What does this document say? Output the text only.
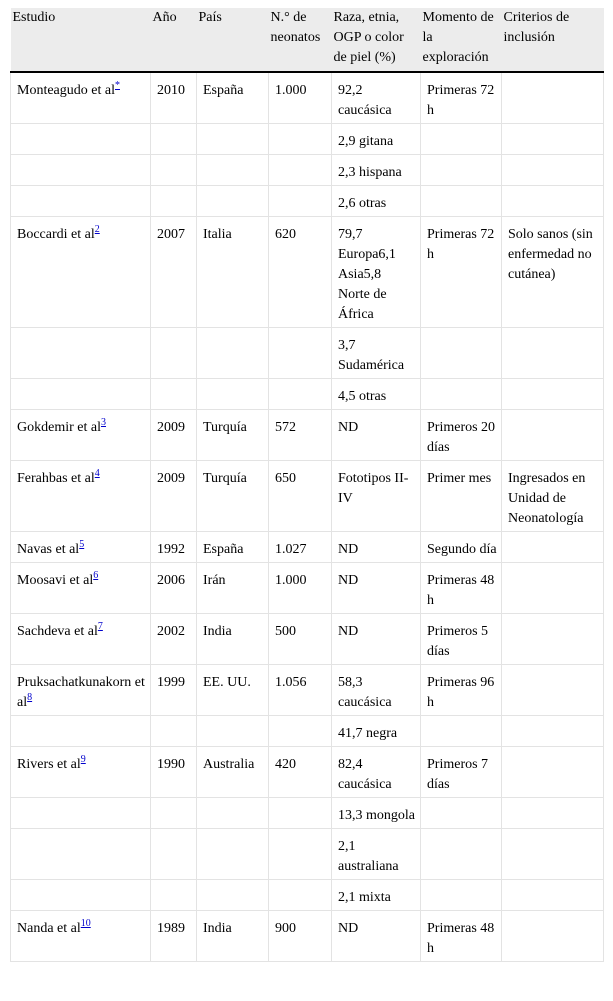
Estudio	Año	País	N.° de neonatos	Raza, etnia, OGP o color de piel (%)	Momento de la exploración	Criterios de inclusión

Monteagudo et al*	2010	España	1.000	92,2 caucásica	Primeras 72 h	

				2,9 gitana		

				2,3 hispana		

				2,6 otras		

Boccardi et al$^2$	2007	Italia	620	79,7 Europa6,1 Asia5,8 Norte de África	Primeras 72 h	Solo sanos (sin enfermedad no cutánea)

				3,7 Sudamérica		

				4,5 otras		

Gokdemir et al$^3$	2009	Turquía	572	ND	Primeros 20 días	

Ferahbas et al$^4$	2009	Turquía	650	Fototipos II-IV	Primer mes	Ingresados en Unidad de Neonatología

Navas et al$^5$	1992	España	1.027	ND	Segundo día	

Moosavi et al$^6$	2006	Irán	1.000	ND	Primeras 48 h	

Sachdeva et al$^7$	2002	India	500	ND	Primeros 5 días	

Pruksachatkunakorn et al$^8$	1999	EE. UU.	1.056	58,3 caucásica	Primeras 96 h	

				41,7 negra		

Rivers et al$^9$	1990	Australia	420	82,4 caucásica	Primeros 7 días	

				13,3 mongola		

				2,1 australiana		

				2,1 mixta		

Nanda et al$^{10}$	1989	India	900	ND	Primeras 48 h	
